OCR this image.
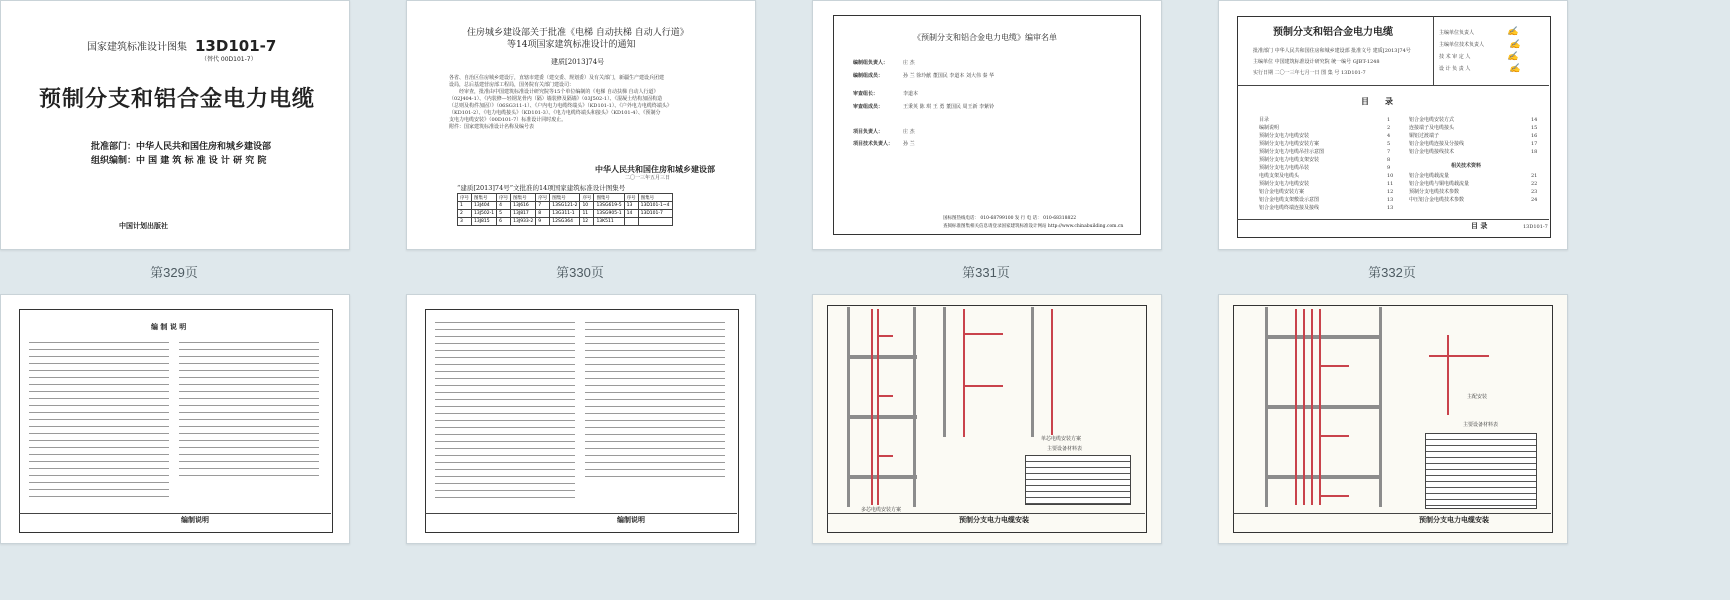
国家建筑标准设计图集 13D101-7
（替代 00D101-7）
预制分支和铝合金电力电缆
批准部门： 中华人民共和国住房和城乡建设部
组织编制： 中 国 建 筑 标 准 设 计 研 究 院
中国计划出版社
第329页
住房城乡建设部关于批准《电梯 自动扶梯 自动人行道》
等14项国家建筑标准设计的通知
建质[2013]74号
各省、自治区住房城乡建设厅，直辖市建委（建交委、规划委）及有关部门，新疆生产建设兵团建
设局，总后基建营房部工程局，国务院有关部门建设司：
　　经审查，批准由中国建筑标准设计研究院等15个单位编制的《电梯 自动扶梯 自动人行道》
（02J404-1）、《内装修—轻钢龙骨内（隔）墙装修及隔墙》（03J502-1）、《混凝土结构加固构造
（总则及构件加固）》（06SG311-1）、《户内电力电缆终端头》（KD101-1）、《户外电力电缆终端头》
（KD101-2）、《电力电缆接头》（KD101-3）、《电力电缆终端头和接头》（KD101-4）、《预制分
支电力电缆安装》（00D101-7）标准设计同时废止。
附件：国家建筑标准设计名称及编号表
中华人民共和国住房和城乡建设部
二〇一三年五月三日
“建质[2013]74号”文批准的14项国家建筑标准设计图集号
序号	图集号	序号	图集号	序号	图集号	序号	图集号	序号	图集号
1	13J404	4	13J616	7	13SG121-2	10	13SG619-5	13	13D101-1~4
2	13J502-1	5	13J817	8	13G311-1	11	13SG905-1	14	13D101-7
3	13J815	6	13J933-2	9	12SG364	12	13K511		
第330页
《预制分支和铝合金电力电缆》编审名单
编制组负责人：	庄 杰
编制组成员：	孙 兰 徐玲献 董国民 李道本 刘大伟 秦 华
审查组长：	李道本
审查组成员：	王秉英 陈 琪 王 勇 董国民 周王新 李紫铃
项目负责人：	庄 杰
项目技术负责人： 孙 兰
国标图热线电话： 010-68799100 发 行 电 话： 010-68318822
查阅标准图集相关信息请登录国家建筑标准设计网站 http://www.chinabuilding.com.cn
第331页
预制分支和铝合金电力电缆
批准部门 中华人民共和国住房和城乡建设部 批准文号 建质[2013]74号
主编单位 中国建筑标准设计研究院 统一编号 GJBT-1248
实行日期 二〇一三年七月一日 图 集 号 13D101-7
主编单位负责人
主编单位技术负责人
技 术 审 定 人
设 计 负 责 人
✍
✍
✍
✍
目　　录
目录	1
编制说明	2
预制分支电力电缆安装	4
预制分支电力电缆安装方案	5
预制分支电力电缆吊挂示意图	7
预制分支电力电缆支架安装	8
预制分支电力电缆吊装	9
电缆支架及电缆头	10
预制分支电力电缆安装	11
铝合金电缆安装方案	12
铝合金电缆支架敷设示意图	13
铝合金电缆终端连接及接线	13
铝合金电缆安装方式	14
连接端子及电缆接头	15
铜铝过渡端子	16
铝合金电缆连接及分接线	17
铝合金电缆接线技术	18
相关技术资料
铝合金电缆载流量	21
铝合金电缆与铜电缆载流量	22
预制分支电缆技术参数	23
中压铝合金电缆技术参数	24
目 录	13D101-7
第332页
编 制 说 明
编制说明	编制说明
单芯电缆安装方案
主要设备材料表
多芯电缆安装方案
预制分支电力电缆安装
主配安装
主要设备材料表
预制分支电力电缆安装
